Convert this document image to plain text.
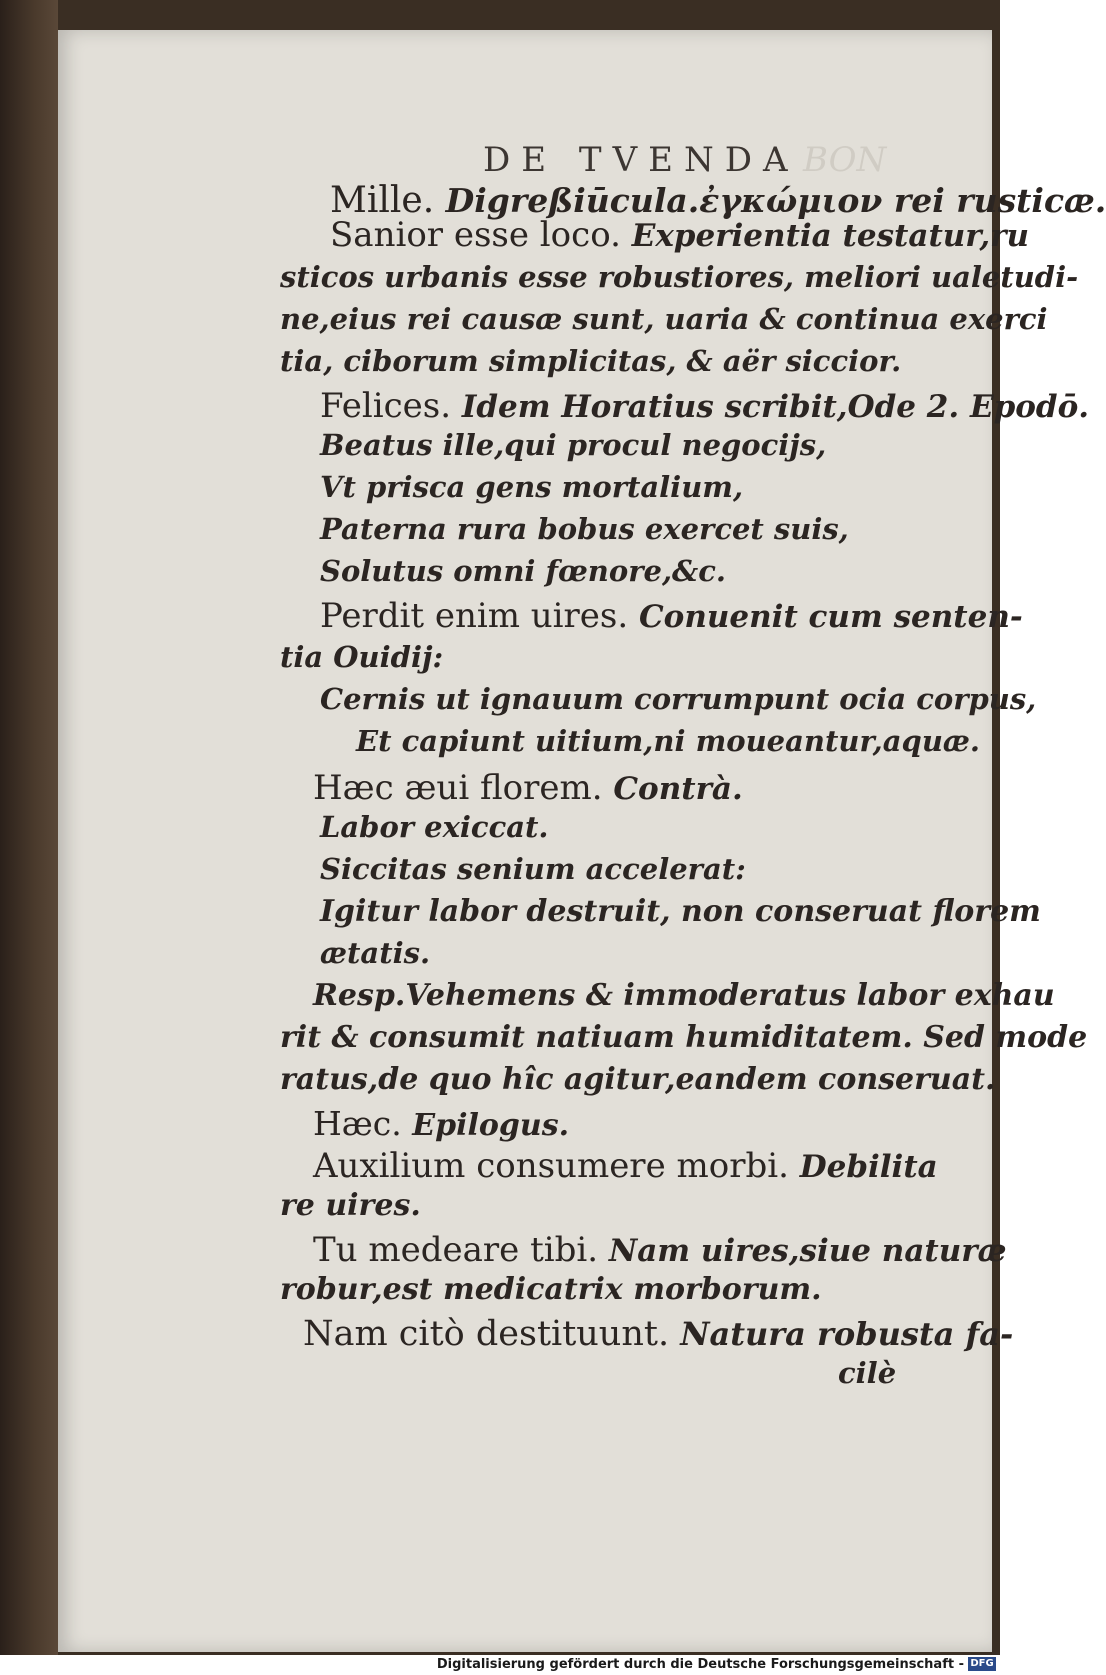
BON
DE TVENDA
Mille. Digreßiūcula.ἐγκώμιον rei rusticæ.
Sanior esse loco. Experientia testatur,ru
sticos urbanis esse robustiores, meliori ualetudi-
ne,eius rei causæ sunt, uaria & continua exerci
tia, ciborum simplicitas, & aër siccior.
Felices. Idem Horatius scribit,Ode 2. Epodō.
Beatus ille,qui procul negocijs,
Vt prisca gens mortalium,
Paterna rura bobus exercet suis,
Solutus omni fœnore,&c.
Perdit enim uires. Conuenit cum senten-
tia Ouidij:
Cernis ut ignauum corrumpunt ocia corpus,
Et capiunt uitium,ni moueantur,aquæ.
Hæc æui florem. Contrà.
Labor exiccat.
Siccitas senium accelerat:
Igitur labor destruit, non conseruat florem
ætatis.
Resp.Vehemens & immoderatus labor exhau
rit & consumit natiuam humiditatem. Sed mode
ratus,de quo hîc agitur,eandem conseruat.
Hæc. Epilogus.
Auxilium consumere morbi. Debilita
re uires.
Tu medeare tibi. Nam uires,siue naturæ
robur,est medicatrix morborum.
Nam citò destituunt. Natura robusta fa-
cilè
Digitalisierung gefördert durch die Deutsche Forschungsgemeinschaft - DFG
